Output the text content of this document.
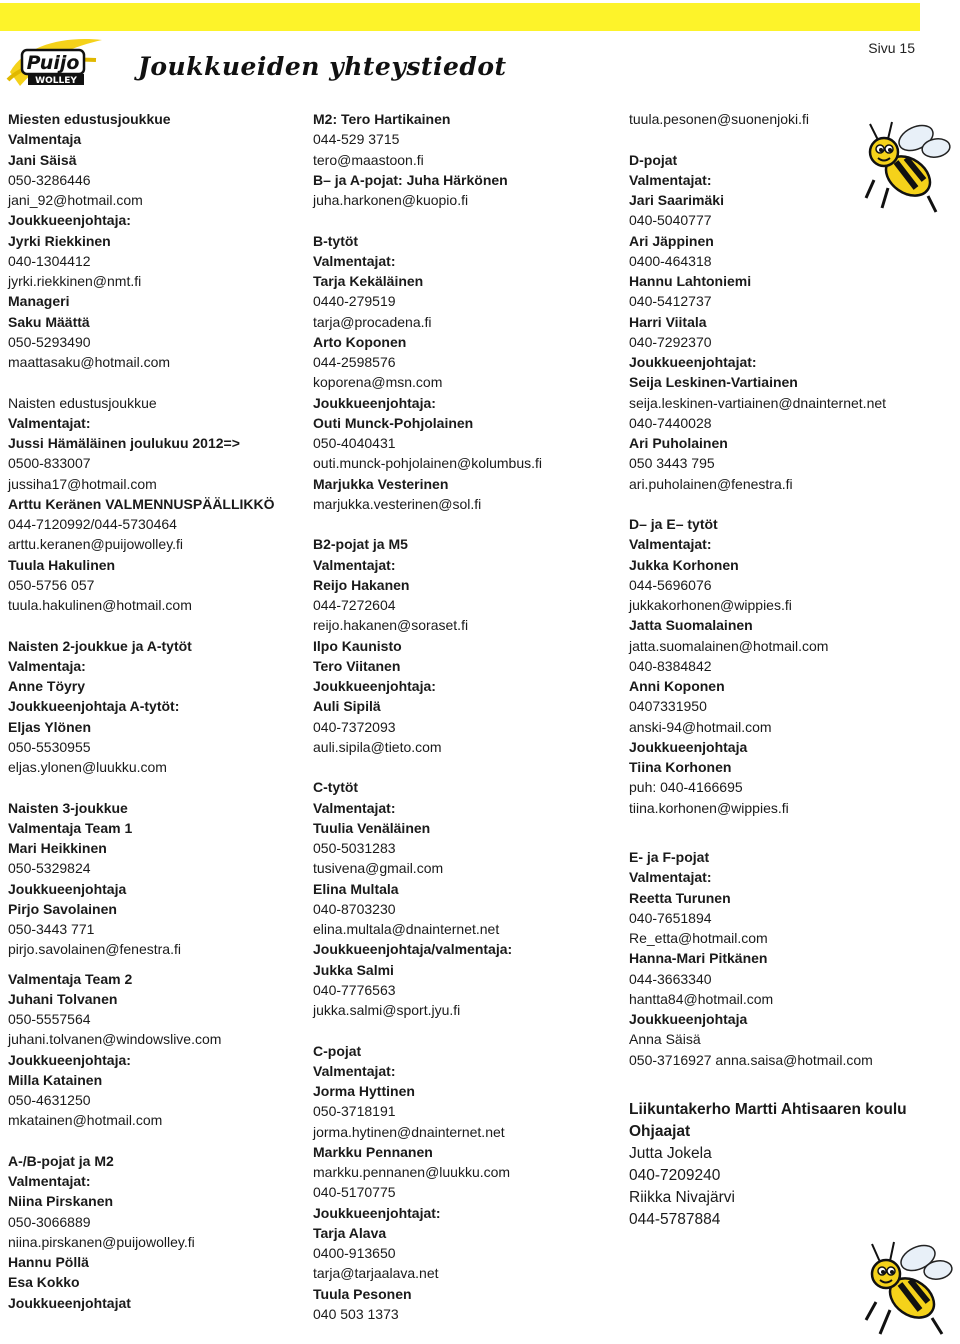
Puijo
WOLLEY Joukkueiden yhteystiedot
Sivu 15
Miesten edustusjoukkue
Valmentaja
Jani Säisä
050-3286446
jani_92@hotmail.com
Joukkueenjohtaja:
Jyrki Riekkinen
040-1304412
jyrki.riekkinen@nmt.fi
Manageri
Saku Määttä
050-5293490
maattasaku@hotmail.com
Naisten edustusjoukkue
Valmentajat:
Jussi Hämäläinen joulukuu 2012=>
0500-833007
jussiha17@hotmail.com
Arttu Keränen VALMENNUSPÄÄLLIKKÖ
044-7120992/044-5730464
arttu.keranen@puijowolley.fi
Tuula Hakulinen
050-5756 057
tuula.hakulinen@hotmail.com
Naisten 2-joukkue ja A-tytöt
Valmentaja:
Anne Töyry
Joukkueenjohtaja A-tytöt:
Eljas Ylönen
050-5530955
eljas.ylonen@luukku.com
Naisten 3-joukkue
Valmentaja Team 1
Mari Heikkinen
050-5329824
Joukkueenjohtaja
Pirjo Savolainen
050-3443 771
pirjo.savolainen@fenestra.fi
Valmentaja Team 2
Juhani Tolvanen
050-5557564
juhani.tolvanen@windowslive.com
Joukkueenjohtaja:
Milla Katainen
050-4631250
mkatainen@hotmail.com
A-/B-pojat ja M2
Valmentajat:
Niina Pirskanen
050-3066889
niina.pirskanen@puijowolley.fi
Hannu Pöllä
Esa Kokko
Joukkueenjohtajat
M2: Tero Hartikainen
044-529 3715
tero@maastoon.fi
B– ja A-pojat: Juha Härkönen
juha.harkonen@kuopio.fi
B-tytöt
Valmentajat:
Tarja Kekäläinen
0440-279519
tarja@procadena.fi
Arto Koponen
044-2598576
koporena@msn.com
Joukkueenjohtaja:
Outi Munck-Pohjolainen
050-4040431
outi.munck-pohjolainen@kolumbus.fi
Marjukka Vesterinen
marjukka.vesterinen@sol.fi
B2-pojat ja M5
Valmentajat:
Reijo Hakanen
044-7272604
reijo.hakanen@soraset.fi
Ilpo Kaunisto
Tero Viitanen
Joukkueenjohtaja:
Auli Sipilä
040-7372093
auli.sipila@tieto.com
C-tytöt
Valmentajat:
Tuulia Venäläinen
050-5031283
tusivena@gmail.com
Elina Multala
040-8703230
elina.multala@dnainternet.net
Joukkueenjohtaja/valmentaja:
Jukka Salmi
040-7776563
jukka.salmi@sport.jyu.fi
C-pojat
Valmentajat:
Jorma Hyttinen
050-3718191
jorma.hytinen@dnainternet.net
Markku Pennanen
markku.pennanen@luukku.com
040-5170775
Joukkueenjohtajat:
Tarja Alava
0400-913650
tarja@tarjaalava.net
Tuula Pesonen
040 503 1373
tuula.pesonen@suonenjoki.fi
D-pojat
Valmentajat:
Jari Saarimäki
040-5040777
Ari Jäppinen
0400-464318
Hannu Lahtoniemi
040-5412737
Harri Viitala
040-7292370
Joukkueenjohtajat:
Seija Leskinen-Vartiainen
seija.leskinen-vartiainen@dnainternet.net
040-7440028
Ari Puholainen
050 3443 795
ari.puholainen@fenestra.fi
D– ja E– tytöt
Valmentajat:
Jukka Korhonen
044-5696076
jukkakorhonen@wippies.fi
Jatta Suomalainen
jatta.suomalainen@hotmail.com
040-8384842
Anni Koponen
0407331950
anski-94@hotmail.com
Joukkueenjohtaja
Tiina Korhonen
puh: 040-4166695
tiina.korhonen@wippies.fi
E- ja F-pojat
Valmentajat:
Reetta Turunen
040-7651894
Re_etta@hotmail.com
Hanna-Mari Pitkänen
044-3663340
hantta84@hotmail.com
Joukkueenjohtaja
Anna Säisä
050-3716927 anna.saisa@hotmail.com
Liikuntakerho Martti Ahtisaaren koulu
Ohjaajat
Jutta Jokela
040-7209240
Riikka Nivajärvi
044-5787884
